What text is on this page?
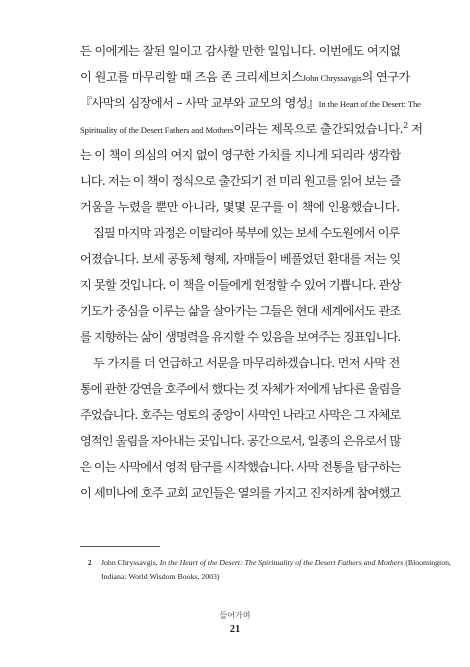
든 이에게는 잘된 일이고 감사할 만한 일입니다. 이번에도 여지없
이 원고를 마무리할 때 즈음 존 크리세브치스John Chryssavgis의 연구가
『사막의 심장에서 – 사막 교부와 교모의 영성』In the Heart of the Desert: The
Spirituality of the Desert Fathers and Mothers이라는 제목으로 출간되었습니다.$^2$ 저
는 이 책이 의심의 여지 없이 영구한 가치를 지니게 되리라 생각합
니다. 저는 이 책이 정식으로 출간되기 전 미리 원고를 읽어 보는 즐
거움을 누렸을 뿐만 아니라, 몇몇 문구를 이 책에 인용했습니다.
집필 마지막 과정은 이탈리아 북부에 있는 보세 수도원에서 이루
어졌습니다. 보세 공동체 형제, 자매들이 베풀었던 환대를 저는 잊
지 못할 것입니다. 이 책을 이들에게 헌정할 수 있어 기쁩니다. 관상
기도가 중심을 이루는 삶을 살아가는 그들은 현대 세계에서도 관조
를 지향하는 삶이 생명력을 유지할 수 있음을 보여주는 징표입니다.
두 가지를 더 언급하고 서문을 마무리하겠습니다. 먼저 사막 전
통에 관한 강연을 호주에서 했다는 것 자체가 저에게 남다른 울림을
주었습니다. 호주는 영토의 중앙이 사막인 나라고 사막은 그 자체로
영적인 울림을 자아내는 곳입니다. 공간으로서, 일종의 은유로서 많
은 이는 사막에서 영적 탐구를 시작했습니다. 사막 전통을 탐구하는
이 세미나에 호주 교회 교인들은 열의를 가지고 진지하게 참여했고
2	John Chryssavgis, In the Heart of the Desert: The Spirituality of the Desert Fathers and Mothers (Bloomington,
Indiana: World Wisdom Books, 2003)
들어가며
21
